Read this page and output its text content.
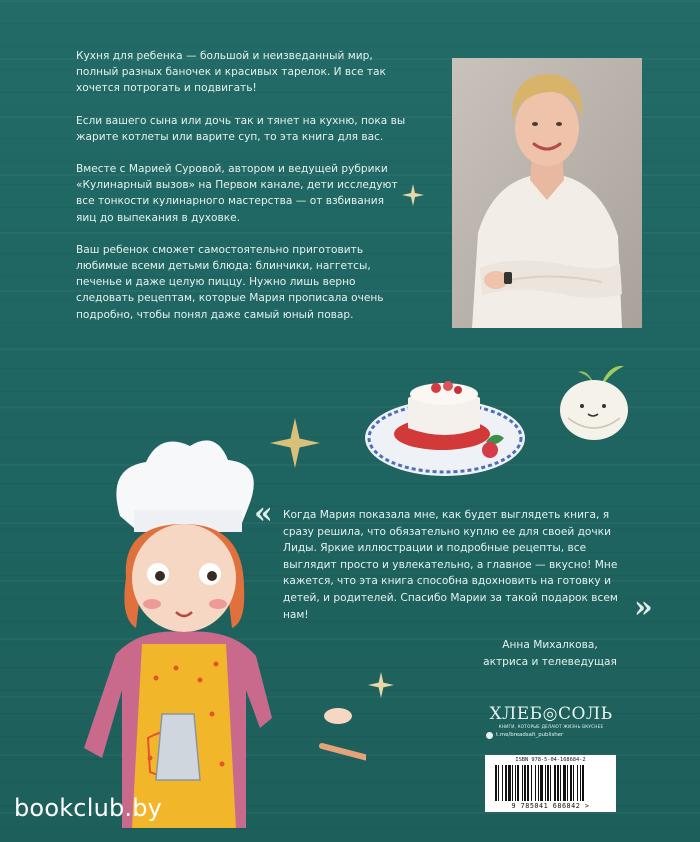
Кухня для ребенка — большой и неизведанный мир, полный разных баночек и красивых тарелок. И все так хочется потрогать и подвигать!

Если вашего сына или дочь так и тянет на кухню, пока вы жарите котлеты или варите суп, то эта книга для вас.

Вместе с Марией Суровой, автором и ведущей рубрики «Кулинарный вызов» на Первом канале, дети исследуют все тонкости кулинарного мастерства — от взбивания яиц до выпекания в духовке.

Ваш ребенок сможет самостоятельно приготовить любимые всеми детьми блюда: блинчики, наггетсы, печенье и даже целую пиццу. Нужно лишь верно следовать рецептам, которые Мария прописала очень подробно, чтобы понял даже самый юный повар.

« Когда Мария показала мне, как будет выглядеть книга, я сразу решила, что обязательно куплю ее для своей дочки Лиды. Яркие иллюстрации и подробные рецепты, все выглядит просто и увлекательно, а главное — вкусно! Мне кажется, что эта книга способна вдохновить на готовку и детей, и родителей. Спасибо Марии за такой подарок всем нам!	»
Анна Михалкова,
актриса и телеведущая
ХЛЕБ◎СОЛЬ
КНИГИ, КОТОРЫЕ ДЕЛАЮТ ЖИЗНЬ ВКУСНЕЕ
t.me/breadsalt_publisher
ISBN 978-5-04-168684-2
9 785041 686842 >
bookclub.by
